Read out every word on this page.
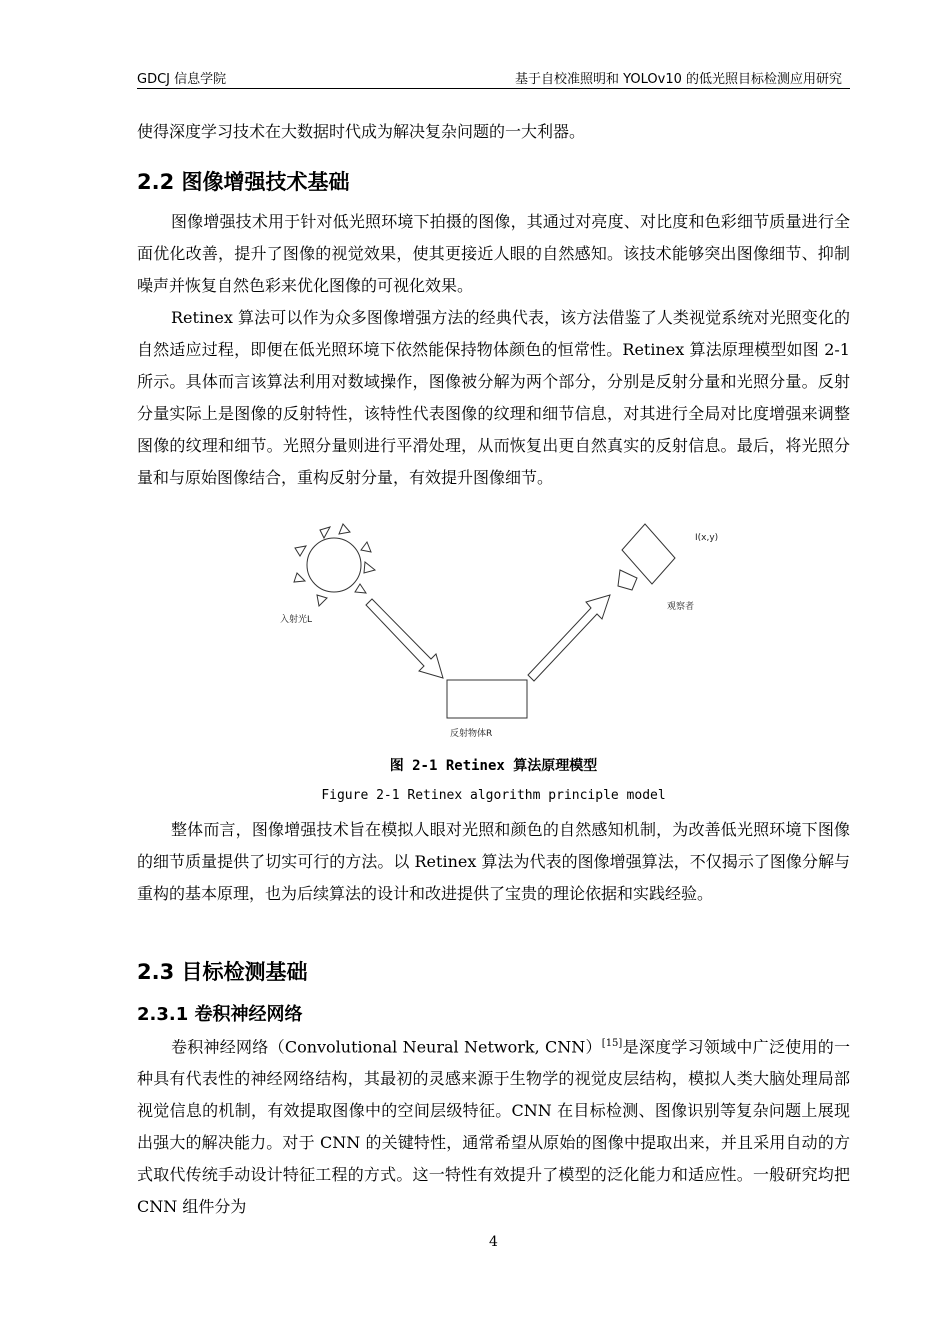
GDCJ 信息学院	基于自校准照明和 YOLOv10 的低光照目标检测应用研究

使得深度学习技术在大数据时代成为解决复杂问题的一大利器。

2.2 图像增强技术基础

图像增强技术用于针对低光照环境下拍摄的图像，其通过对亮度、对比度和色彩细节质量进行全面优化改善，提升了图像的视觉效果，使其更接近人眼的自然感知。该技术能够突出图像细节、抑制噪声并恢复自然色彩来优化图像的可视化效果。

Retinex 算法可以作为众多图像增强方法的经典代表，该方法借鉴了人类视觉系统对光照变化的自然适应过程，即便在低光照环境下依然能保持物体颜色的恒常性。Retinex 算法原理模型如图 2-1 所示。具体而言该算法利用对数域操作，图像被分解为两个部分，分别是反射分量和光照分量。反射分量实际上是图像的反射特性，该特性代表图像的纹理和细节信息，对其进行全局对比度增强来调整图像的纹理和细节。光照分量则进行平滑处理，从而恢复出更自然真实的反射信息。最后，将光照分量和与原始图像结合，重构反射分量，有效提升图像细节。

入射光L
反射物体R
I(x,y)
观察者

图 2-1 Retinex 算法原理模型

Figure 2-1 Retinex algorithm principle model

整体而言，图像增强技术旨在模拟人眼对光照和颜色的自然感知机制，为改善低光照环境下图像的细节质量提供了切实可行的方法。以 Retinex 算法为代表的图像增强算法，不仅揭示了图像分解与重构的基本原理，也为后续算法的设计和改进提供了宝贵的理论依据和实践经验。

2.3 目标检测基础
2.3.1 卷积神经网络

卷积神经网络（Convolutional Neural Network, CNN）[15]是深度学习领域中广泛使用的一种具有代表性的神经网络结构，其最初的灵感来源于生物学的视觉皮层结构，模拟人类大脑处理局部视觉信息的机制，有效提取图像中的空间层级特征。CNN 在目标检测、图像识别等复杂问题上展现出强大的解决能力。对于 CNN 的关键特性，通常希望从原始的图像中提取出来，并且采用自动的方式取代传统手动设计特征工程的方式。这一特性有效提升了模型的泛化能力和适应性。一般研究均把 CNN 组件分为

4
